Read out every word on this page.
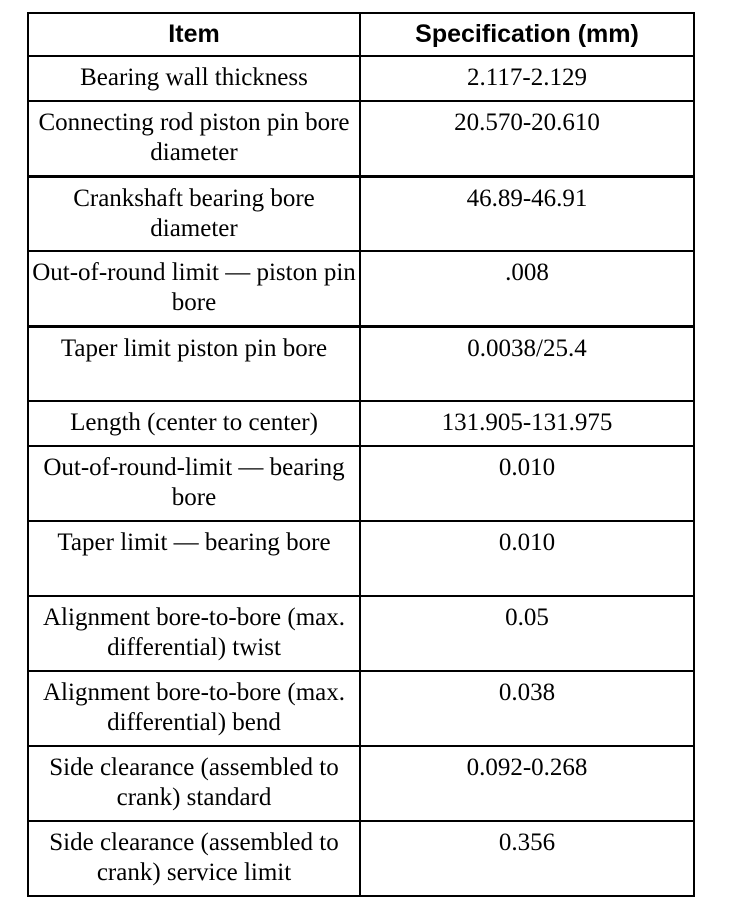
Item	Specification (mm)
Bearing wall thickness	2.117-2.129
Connecting rod piston pin bore diameter	20.570-20.610
Crankshaft bearing bore diameter	46.89-46.91
Out-of-round limit — piston pin bore	.008
Taper limit piston pin bore	0.0038/25.4
Length (center to center)	131.905-131.975
Out-of-round-limit — bearing bore	0.010
Taper limit — bearing bore	0.010
Alignment bore-to-bore (max. differential) twist	0.05
Alignment bore-to-bore (max. differential) bend	0.038
Side clearance (assembled to crank) standard	0.092-0.268
Side clearance (assembled to crank) service limit	0.356
